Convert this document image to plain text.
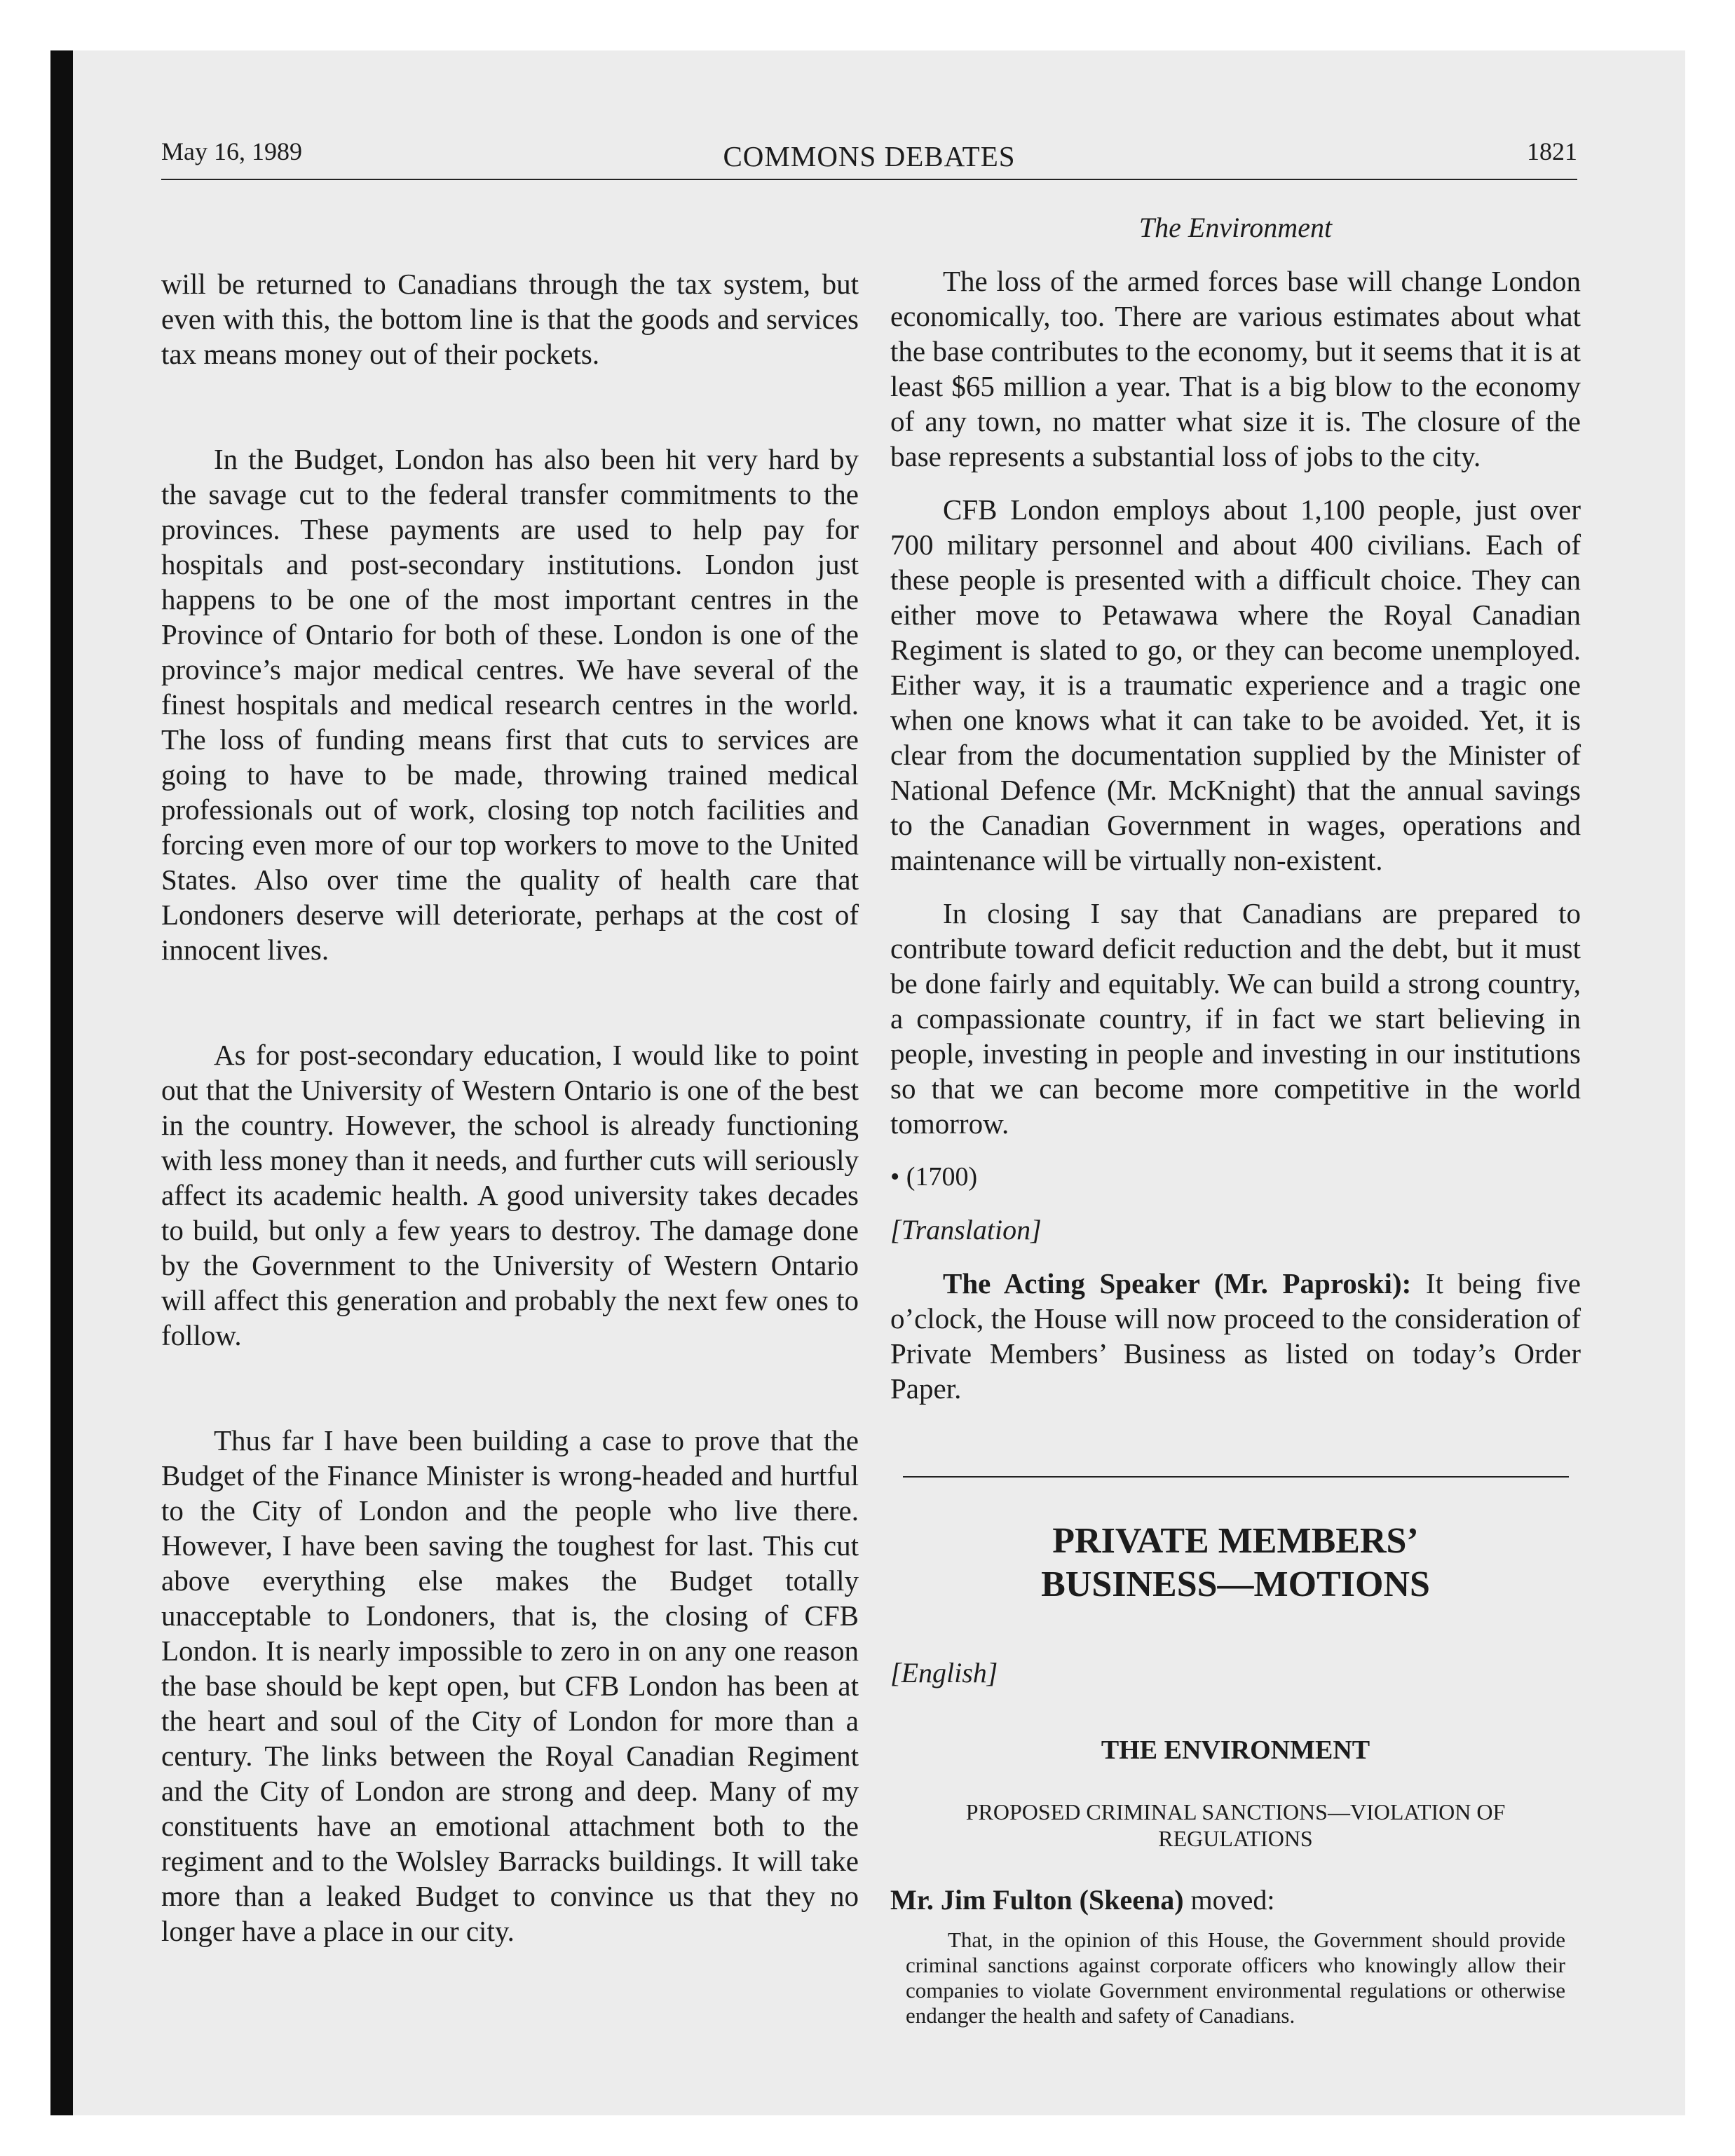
May 16, 1989	COMMONS DEBATES	1821

will be returned to Canadians through the tax system, but even with this, the bottom line is that the goods and services tax means money out of their pockets.

In the Budget, London has also been hit very hard by the savage cut to the federal transfer commitments to the provinces. These payments are used to help pay for hospitals and post-secondary institutions. London just happens to be one of the most important centres in the Province of Ontario for both of these. London is one of the province’s major medical centres. We have several of the finest hospitals and medical research centres in the world. The loss of funding means first that cuts to services are going to have to be made, throwing trained medical professionals out of work, closing top notch facilities and forcing even more of our top workers to move to the United States. Also over time the quality of health care that Londoners deserve will deteriorate, perhaps at the cost of innocent lives.

As for post-secondary education, I would like to point out that the University of Western Ontario is one of the best in the country. However, the school is already functioning with less money than it needs, and further cuts will seriously affect its academic health. A good university takes decades to build, but only a few years to destroy. The damage done by the Government to the University of Western Ontario will affect this generation and probably the next few ones to follow.

Thus far I have been building a case to prove that the Budget of the Finance Minister is wrong-headed and hurtful to the City of London and the people who live there. However, I have been saving the toughest for last. This cut above everything else makes the Budget totally unacceptable to Londoners, that is, the closing of CFB London. It is nearly impossible to zero in on any one reason the base should be kept open, but CFB London has been at the heart and soul of the City of London for more than a century. The links between the Royal Canadian Regiment and the City of London are strong and deep. Many of my constituents have an emotional attachment both to the regiment and to the Wolsley Barracks buildings. It will take more than a leaked Budget to convince us that they no longer have a place in our city.

The Environment

The loss of the armed forces base will change London economically, too. There are various estimates about what the base contributes to the economy, but it seems that it is at least $65 million a year. That is a big blow to the economy of any town, no matter what size it is. The closure of the base represents a substantial loss of jobs to the city.

CFB London employs about 1,100 people, just over 700 military personnel and about 400 civilians. Each of these people is presented with a difficult choice. They can either move to Petawawa where the Royal Canadian Regiment is slated to go, or they can become unemployed. Either way, it is a traumatic experience and a tragic one when one knows what it can take to be avoided. Yet, it is clear from the documentation supplied by the Minister of National Defence (Mr. McKnight) that the annual savings to the Canadian Government in wages, operations and maintenance will be virtually non-existent.

In closing I say that Canadians are prepared to contribute toward deficit reduction and the debt, but it must be done fairly and equitably. We can build a strong country, a compassionate country, if in fact we start believing in people, investing in people and investing in our institutions so that we can become more competitive in the world tomorrow.

• (1700)
[Translation]

The Acting Speaker (Mr. Paproski): It being five o’clock, the House will now proceed to the consideration of Private Members’ Business as listed on today’s Order Paper.

PRIVATE MEMBERS’
BUSINESS—MOTIONS
[English]
THE ENVIRONMENT
PROPOSED CRIMINAL SANCTIONS—VIOLATION OF REGULATIONS
Mr. Jim Fulton (Skeena) moved:
That, in the opinion of this House, the Government should provide criminal sanctions against corporate officers who knowingly allow their companies to violate Government environmental regulations or otherwise endanger the health and safety of Canadians.
